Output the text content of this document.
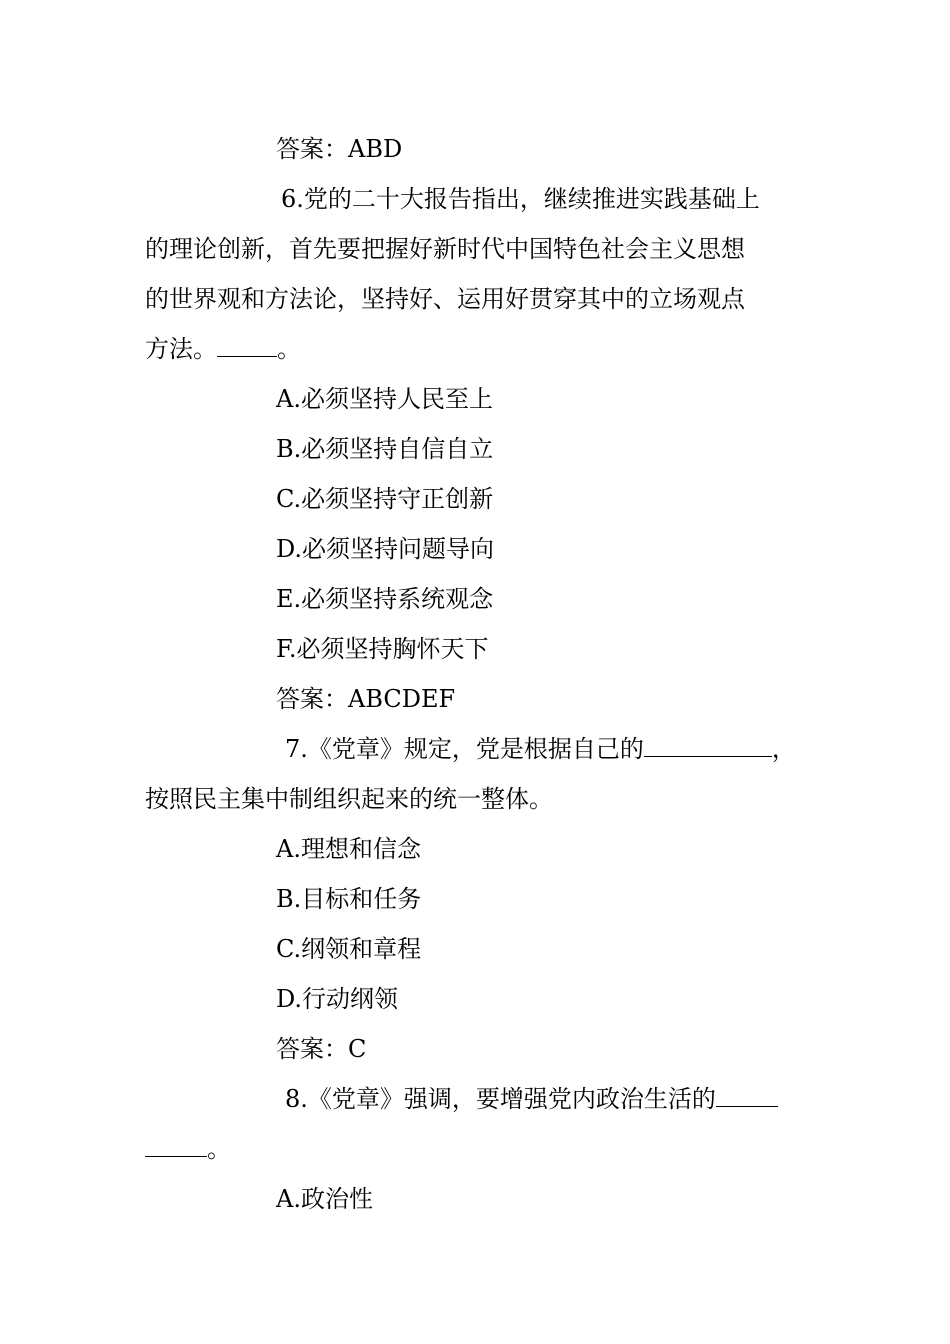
答案：ABD
6.党的二十大报告指出，继续推进实践基础上
的理论创新，首先要把握好新时代中国特色社会主义思想
的世界观和方法论，坚持好、运用好贯穿其中的立场观点
方法。	。
A.必须坚持人民至上
B.必须坚持自信自立
C.必须坚持守正创新
D.必须坚持问题导向
E.必须坚持系统观念
F.必须坚持胸怀天下
答案：ABCDEF
7.《党章》规定，党是根据自己的	，
按照民主集中制组织起来的统一整体。
A.理想和信念
B.目标和任务
C.纲领和章程
D.行动纲领
答案：C
8.《党章》强调，要增强党内政治生活的
。
A.政治性
